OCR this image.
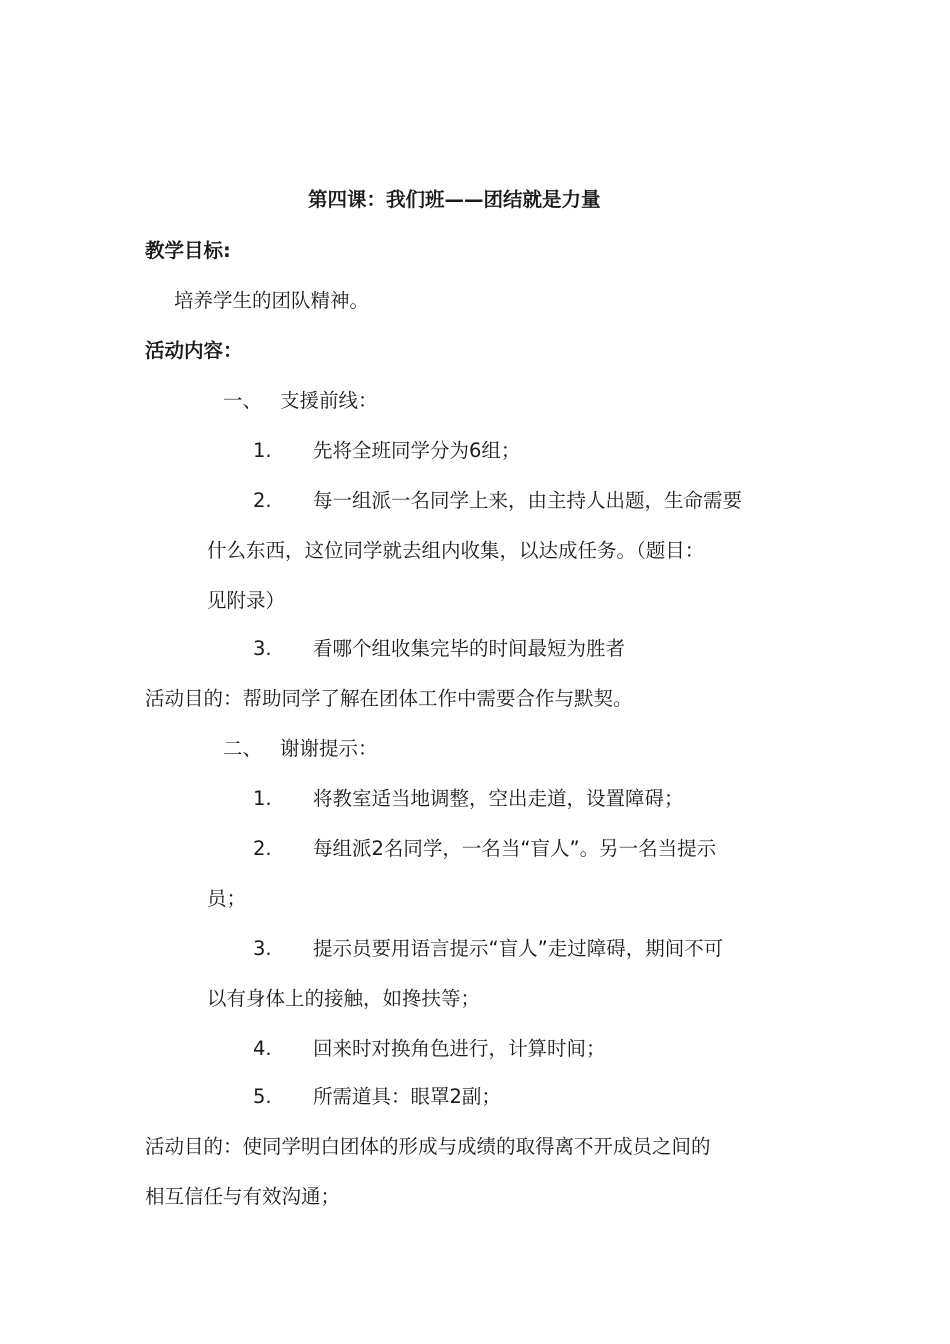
第四课：我们班——团结就是力量
教学目标:
培养学生的团队精神。
活动内容：
一、 支援前线：
1. 先将全班同学分为6组；
2. 每一组派一名同学上来，由主持人出题，生命需要
什么东西，这位同学就去组内收集，以达成任务。（题目：
见附录）
3. 看哪个组收集完毕的时间最短为胜者
活动目的：帮助同学了解在团体工作中需要合作与默契。
二、 谢谢提示：
1. 将教室适当地调整，空出走道，设置障碍；
2. 每组派2名同学，一名当“盲人”。另一名当提示
员；
3. 提示员要用语言提示“盲人”走过障碍，期间不可
以有身体上的接触，如搀扶等；
4. 回来时对换角色进行，计算时间；
5. 所需道具：眼罩2副；
活动目的：使同学明白团体的形成与成绩的取得离不开成员之间的
相互信任与有效沟通；
